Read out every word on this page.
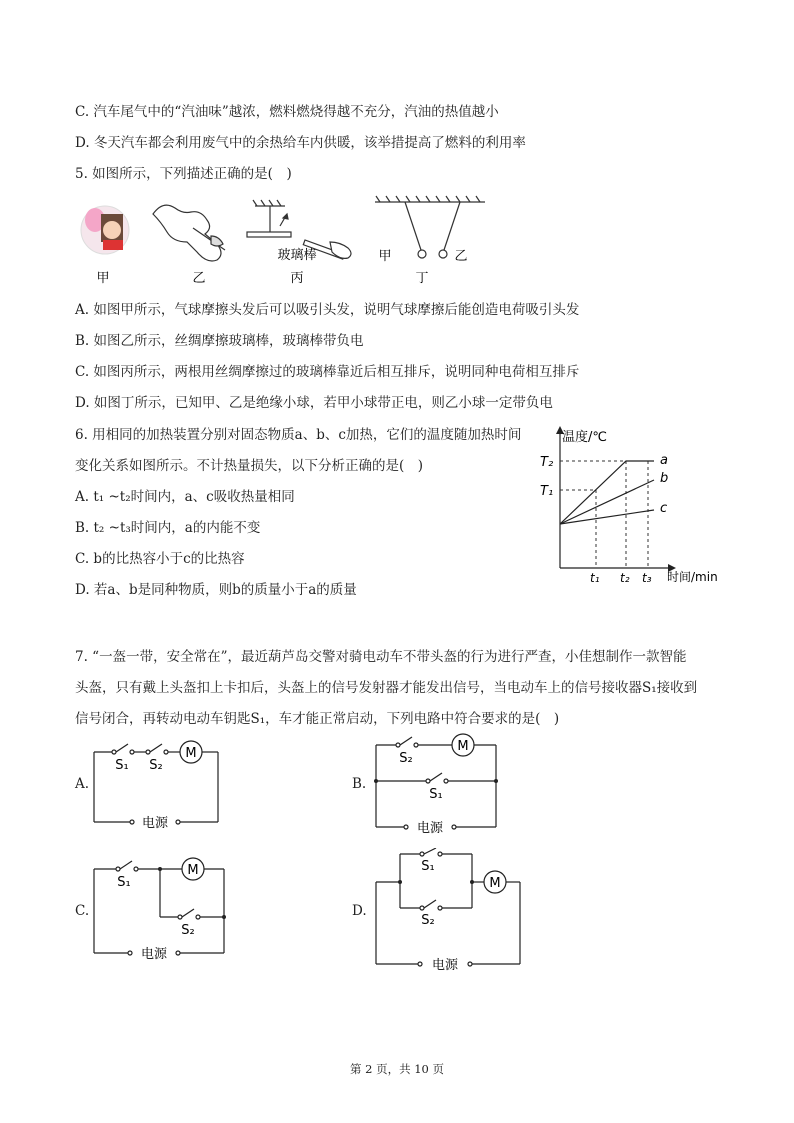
C. 汽车尾气中的“汽油味”越浓，燃料燃烧得越不充分，汽油的热值越小
D. 冬天汽车都会利用废气中的余热给车内供暖，该举措提高了燃料的利用率
5. 如图所示，下列描述正确的是(　)
甲	乙
玻璃棒
丙
甲	乙
丁
A. 如图甲所示，气球摩擦头发后可以吸引头发，说明气球摩擦后能创造电荷吸引头发
B. 如图乙所示，丝绸摩擦玻璃棒，玻璃棒带负电
C. 如图丙所示，两根用丝绸摩擦过的玻璃棒靠近后相互排斥，说明同种电荷相互排斥
D. 如图丁所示，已知甲、乙是绝缘小球，若甲小球带正电，则乙小球一定带负电
6. 用相同的加热装置分别对固态物质a、b、c加热，它们的温度随加热时间
变化关系如图所示。不计热量损失，以下分析正确的是(　)
A. t₁ ~t₂时间内，a、c吸收热量相同
B. t₂ ~t₃时间内，a的内能不变
C. b的比热容小于c的比热容
D. 若a、b是同种物质，则b的质量小于a的质量
温度/℃
T₂
T₁
a
b
c
t₁ t₂ t₃ 时间/min
7. “一盔一带，安全常在”，最近葫芦岛交警对骑电动车不带头盔的行为进行严查，小佳想制作一款智能
头盔，只有戴上头盔扣上卡扣后，头盔上的信号发射器才能发出信号，当电动车上的信号接收器S₁接收到
信号闭合，再转动电动车钥匙S₁，车才能正常启动，下列电路中符合要求的是(　)
A.
M
S₁ S₂
电源
B.
M
S₂
S₁
电源
C.
M
S₁
S₂
电源
D.
M
S₁
S₂
电源
第 2 页，共 10 页
